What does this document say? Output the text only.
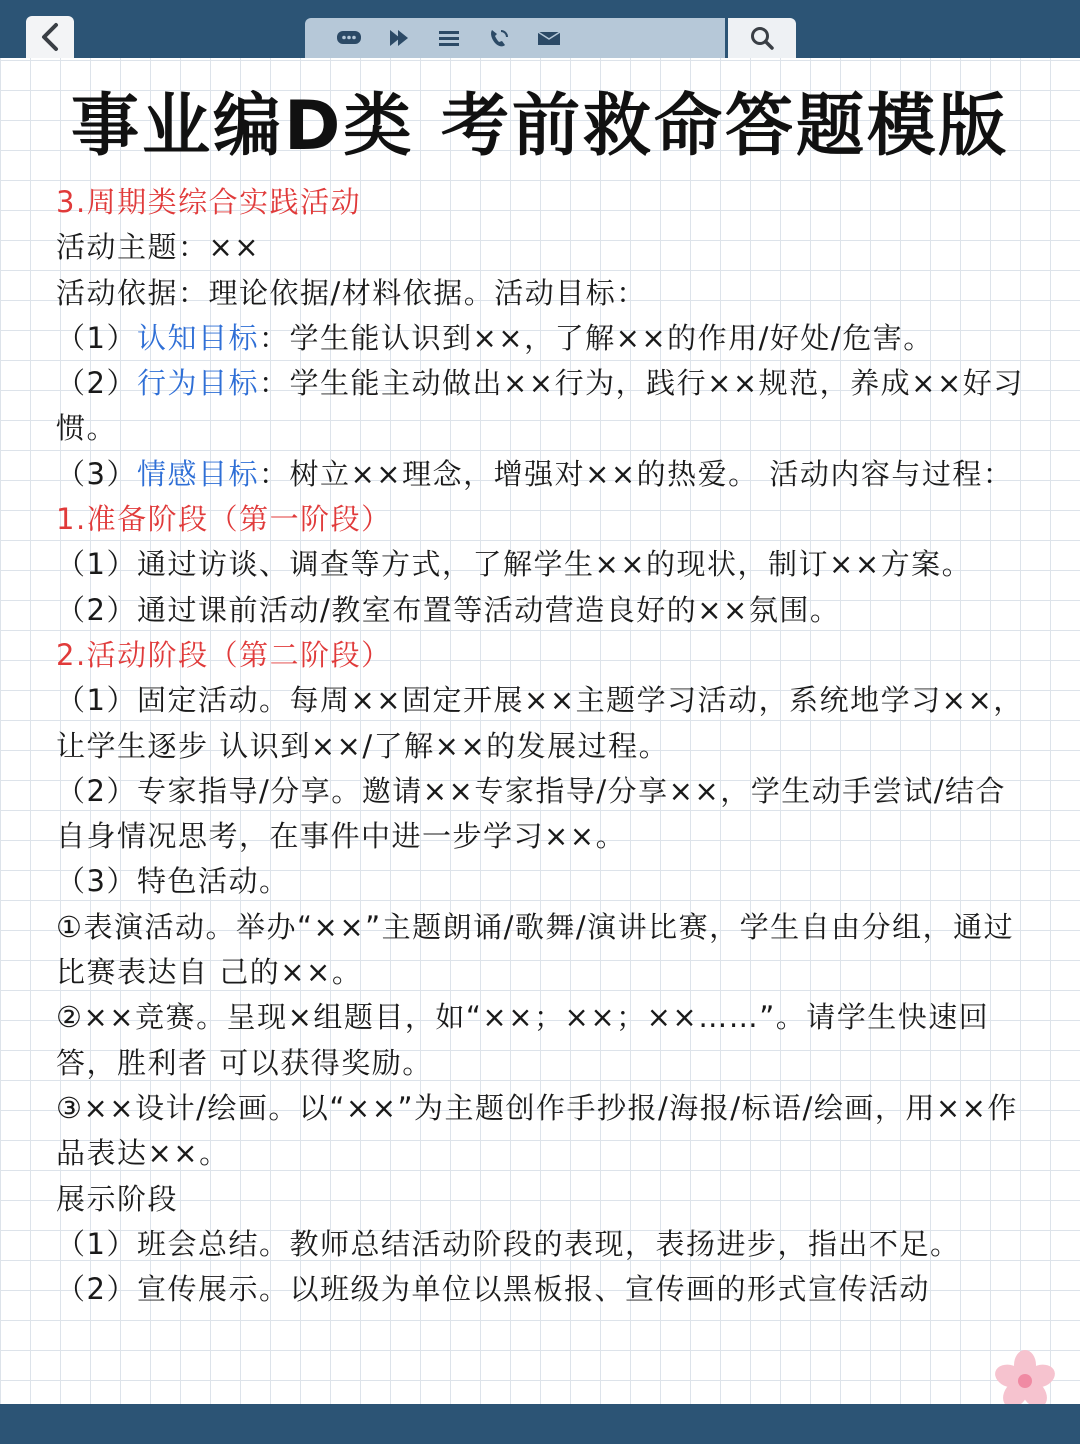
事业编D类 考前救命答题模版

3.周期类综合实践活动

活动主题：××

活动依据：理论依据/材料依据。活动目标：

（1）认知目标：学生能认识到××，了解××的作用/好处/危害。

（2）行为目标：学生能主动做出××行为，践行××规范，养成××好习惯。

（3）情感目标：树立××理念，增强对××的热爱。 活动内容与过程：

1.准备阶段（第一阶段）

（1）通过访谈、调查等方式，了解学生××的现状，制订××方案。

（2）通过课前活动/教室布置等活动营造良好的××氛围。

2.活动阶段（第二阶段）

（1）固定活动。每周××固定开展××主题学习活动，系统地学习××，让学生逐步 认识到××/了解××的发展过程。

（2）专家指导/分享。邀请××专家指导/分享××，学生动手尝试/结合自身情况思考，在事件中进一步学习××。

（3）特色活动。

①表演活动。举办“××”主题朗诵/歌舞/演讲比赛，学生自由分组，通过比赛表达自 己的××。

②××竞赛。呈现×组题目，如“××；××；××……”。请学生快速回答，胜利者 可以获得奖励。

③××设计/绘画。以“××”为主题创作手抄报/海报/标语/绘画，用××作品表达××。

展示阶段

（1）班会总结。教师总结活动阶段的表现，表扬进步，指出不足。

（2）宣传展示。以班级为单位以黑板报、宣传画的形式宣传活动
